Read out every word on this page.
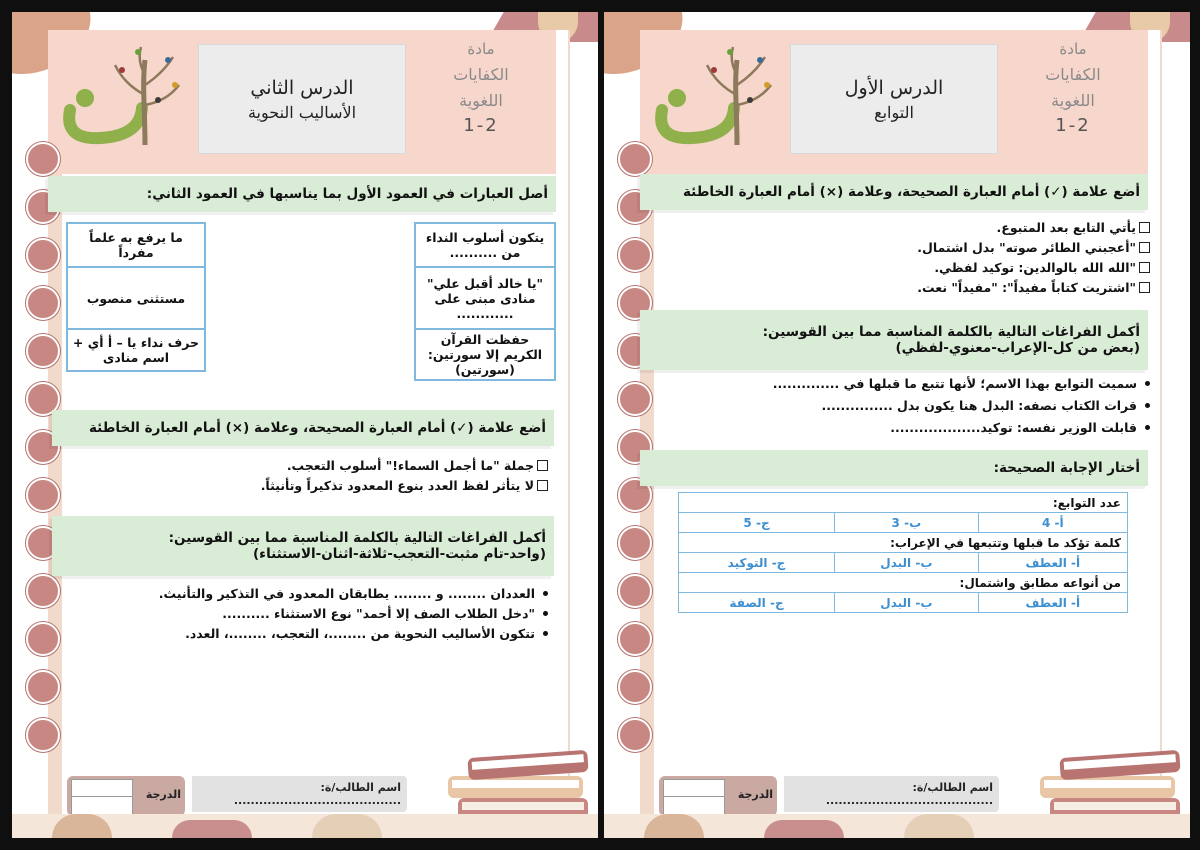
مادة
الكفايات
اللغوية
1-2
الدرس الثاني
الأساليب النحوية
أصل العبارات في العمود الأول بما يناسبها في العمود الثاني:
يتكون أسلوب النداء من ..........
"يا خالد أقبل علي" منادى مبنى على ............
حفظت القرآن الكريم إلا سورتين: (سورتين)
ما يرفع به علماً مفرداً
مستثنى منصوب
حرف نداء يا – أ أي + اسم منادى
أضع علامة (✓) أمام العبارة الصحيحة، وعلامة (×) أمام العبارة الخاطئة
جملة "ما أجمل السماء!" أسلوب التعجب.
لا يتأثر لفظ العدد بنوع المعدود تذكيراً وتأنيثاً.
أكمل الفراغات التالية بالكلمة المناسبة مما بين القوسين:
(واحد-تام مثبت-التعجب-ثلاثة-اثنان-الاستثناء)
العددان ........ و ........ يطابقان المعدود في التذكير والتأنيث.
"دخل الطلاب الصف إلا أحمد" نوع الاستثناء ..........
تتكون الأساليب النحوية من ........، التعجب، ........، العدد.
اسم الطالب/ة: ........................................
الدرجة
مادة
الكفايات
اللغوية
1-2
الدرس الأول
التوابع
أضع علامة (✓) أمام العبارة الصحيحة، وعلامة (×) أمام العبارة الخاطئة
يأتي التابع بعد المتبوع.
"أعجبني الطائر صوته" بدل اشتمال.
"الله الله بالوالدين: توكيد لفظي.
"اشتريت كتاباً مفيداً": "مفيداً" نعت.
أكمل الفراغات التالية بالكلمة المناسبة مما بين القوسين:
(بعض من كل-الإعراب-معنوي-لفظي)
سميت التوابع بهذا الاسم؛ لأنها تتبع ما قبلها في ..............
قرات الكتاب نصفه: البدل هنا يكون بدل ...............
قابلت الوزير نفسه: توكيد...................
أختار الإجابة الصحيحة:
عدد التوابع:		
أ- 4	ب- 3	ج- 5
كلمة تؤكد ما قبلها وتتبعها في الإعراب:		
أ- العطف	ب- البدل	ج- التوكيد
من أنواعه مطابق واشتمال:		
أ- العطف	ب- البدل	ج- الصفة
اسم الطالب/ة: ........................................
الدرجة
